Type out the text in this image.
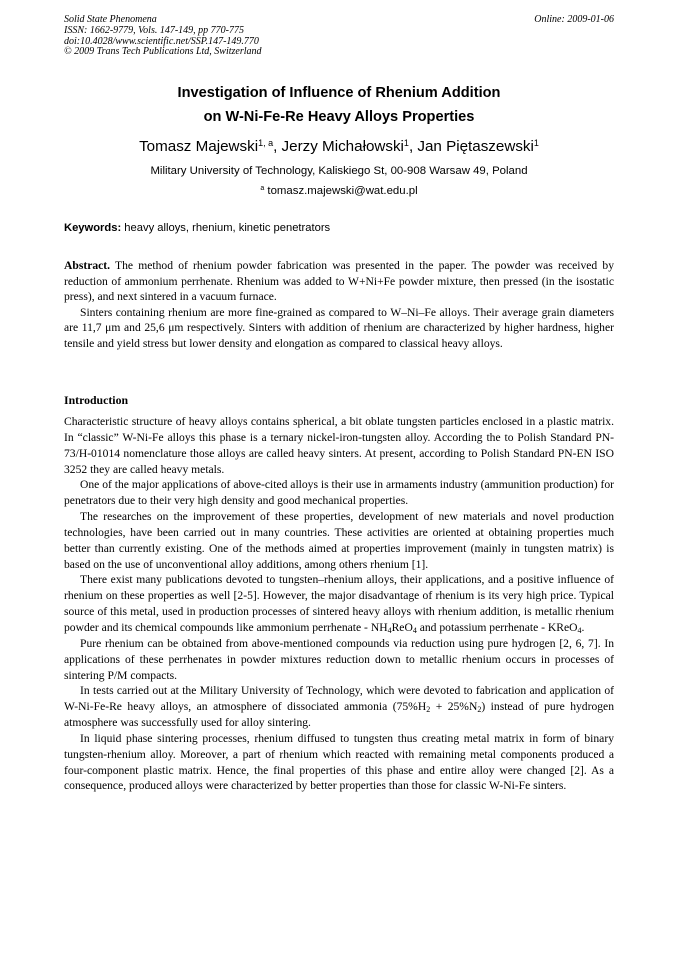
Solid State Phenomena
ISSN: 1662-9779, Vols. 147-149, pp 770-775
doi:10.4028/www.scientific.net/SSP.147-149.770
© 2009 Trans Tech Publications Ltd, Switzerland
Online: 2009-01-06
Investigation of Influence of Rhenium Addition
on W-Ni-Fe-Re Heavy Alloys Properties
Tomasz Majewski$^{1, a}$, Jerzy Michałowski$^1$, Jan Piętaszewski$^1$
Military University of Technology, Kaliskiego St, 00-908 Warsaw 49, Poland
$^a$ tomasz.majewski@wat.edu.pl
Keywords: heavy alloys, rhenium, kinetic penetrators

Abstract. The method of rhenium powder fabrication was presented in the paper. The powder was received by reduction of ammonium perrhenate. Rhenium was added to W+Ni+Fe powder mixture, then pressed (in the isostatic press), and next sintered in a vacuum furnace.

Sinters containing rhenium are more fine-grained as compared to W–Ni–Fe alloys. Their average grain diameters are 11,7 μm and 25,6 μm respectively. Sinters with addition of rhenium are characterized by higher hardness, higher tensile and yield stress but lower density and elongation as compared to classical heavy alloys.

Introduction

Characteristic structure of heavy alloys contains spherical, a bit oblate tungsten particles enclosed in a plastic matrix. In “classic” W-Ni-Fe alloys this phase is a ternary nickel-iron-tungsten alloy. According the to Polish Standard PN-73/H-01014 nomenclature those alloys are called heavy sinters. At present, according to Polish Standard PN-EN ISO 3252 they are called heavy metals.

One of the major applications of above-cited alloys is their use in armaments industry (ammunition production) for penetrators due to their very high density and good mechanical properties.

The researches on the improvement of these properties, development of new materials and novel production technologies, have been carried out in many countries. These activities are oriented at obtaining properties much better than currently existing. One of the methods aimed at properties improvement (mainly in tungsten matrix) is based on the use of unconventional alloy additions, among others rhenium [1].

There exist many publications devoted to tungsten–rhenium alloys, their applications, and a positive influence of rhenium on these properties as well [2-5]. However, the major disadvantage of rhenium is its very high price. Typical source of this metal, used in production processes of sintered heavy alloys with rhenium addition, is metallic rhenium powder and its chemical compounds like ammonium perrhenate - $NH_4ReO_4$ and potassium perrhenate - KReO$_4$.

Pure rhenium can be obtained from above-mentioned compounds via reduction using pure hydrogen [2, 6, 7]. In applications of these perrhenates in powder mixtures reduction down to metallic rhenium occurs in processes of sintering P/M compacts.

In tests carried out at the Military University of Technology, which were devoted to fabrication and application of W-Ni-Fe-Re heavy alloys, an atmosphere of dissociated ammonia $(75\%H_2 + 25\%N_2)$ instead of pure hydrogen atmosphere was successfully used for alloy sintering.

In liquid phase sintering processes, rhenium diffused to tungsten thus creating metal matrix in form of binary tungsten-rhenium alloy. Moreover, a part of rhenium which reacted with remaining metal components produced a four-component plastic matrix. Hence, the final properties of this phase and entire alloy were changed [2]. As a consequence, produced alloys were characterized by better properties than those for classic W-Ni-Fe sinters.
